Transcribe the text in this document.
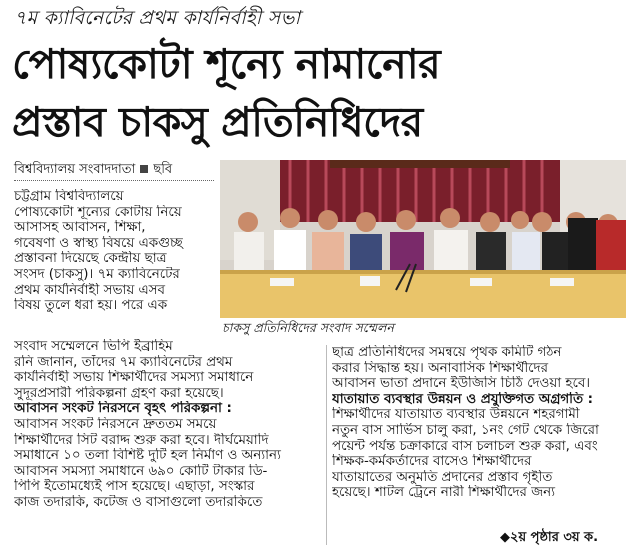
৭ম ক্যাবিনেটের প্রথম কার্যনির্বাহী সভা
পোষ্যকোটা শূন্যে নামানোর
প্রস্তাব চাকসু প্রতিনিধিদের
বিশ্ববিদ্যালয় সংবাদদাতা ছবি
চাকসু প্রতিনিধিদের সংবাদ সম্মেলন
চট্টগ্রাম বিশ্ববিদ্যালয়ে
পোষ্যকোটা শূন্যের কোটায় নিয়ে
আসাসহ আবাসন, শিক্ষা,
গবেষণা ও স্বাস্থ্য বিষয়ে একগুচ্ছ
প্রস্তাবনা দিয়েছে কেন্দ্রীয় ছাত্র
সংসদ (চাকসু)। ৭ম ক্যাবিনেটের
প্রথম কার্যনির্বাহী সভায় এসব
বিষয় তুলে ধরা হয়। পরে এক
সংবাদ সম্মেলনে ভিপি ইব্রাহিম
রনি জানান, তাঁদের ৭ম ক্যাবিনেটের প্রথম
কার্যনির্বাহী সভায় শিক্ষার্থীদের সমস্যা সমাধানে
সুদূরপ্রসারী পরিকল্পনা গ্রহণ করা হয়েছে।
আবাসন সংকট নিরসনে বৃহৎ পরিকল্পনা :
আবাসন সংকট নিরসনে দ্রুততম সময়ে
শিক্ষার্থীদের সিট বরাদ্দ শুরু করা হবে। দীর্ঘমেয়াদি
সমাধানে ১০ তলা বিশিষ্ট দুটি হল নির্মাণ ও অন্যান্য
আবাসন সমস্যা সমাধানে ৬৯০ কোটি টাকার ডি-
পিপি ইতোমধ্যেই পাস হয়েছে। এছাড়া, সংস্কার
কাজ তদারকি, কটেজ ও বাসাগুলো তদারকিতে
ছাত্র প্রতিনিধিদের সমন্বয়ে পৃথক কমিটি গঠন
করার সিদ্ধান্ত হয়। অনাবাসিক শিক্ষার্থীদের
আবাসন ভাতা প্রদানে ইউজিসি চিঠি দেওয়া হবে।
যাতায়াত ব্যবস্থার উন্নয়ন ও প্রযুক্তিগত অগ্রগতি :
শিক্ষার্থীদের যাতায়াত ব্যবস্থার উন্নয়নে শহরগামী
নতুন বাস সার্ভিস চালু করা, ১নং গেট থেকে জিরো
পয়েন্ট পর্যন্ত চক্রাকারে বাস চলাচল শুরু করা, এবং
শিক্ষক-কর্মকর্তাদের বাসেও শিক্ষার্থীদের
যাতায়াতের অনুমতি প্রদানের প্রস্তাব গৃহীত
হয়েছে। শাটল ট্রেনে নারী শিক্ষার্থীদের জন্য
◆২য় পৃষ্ঠার ৩য় ক.
